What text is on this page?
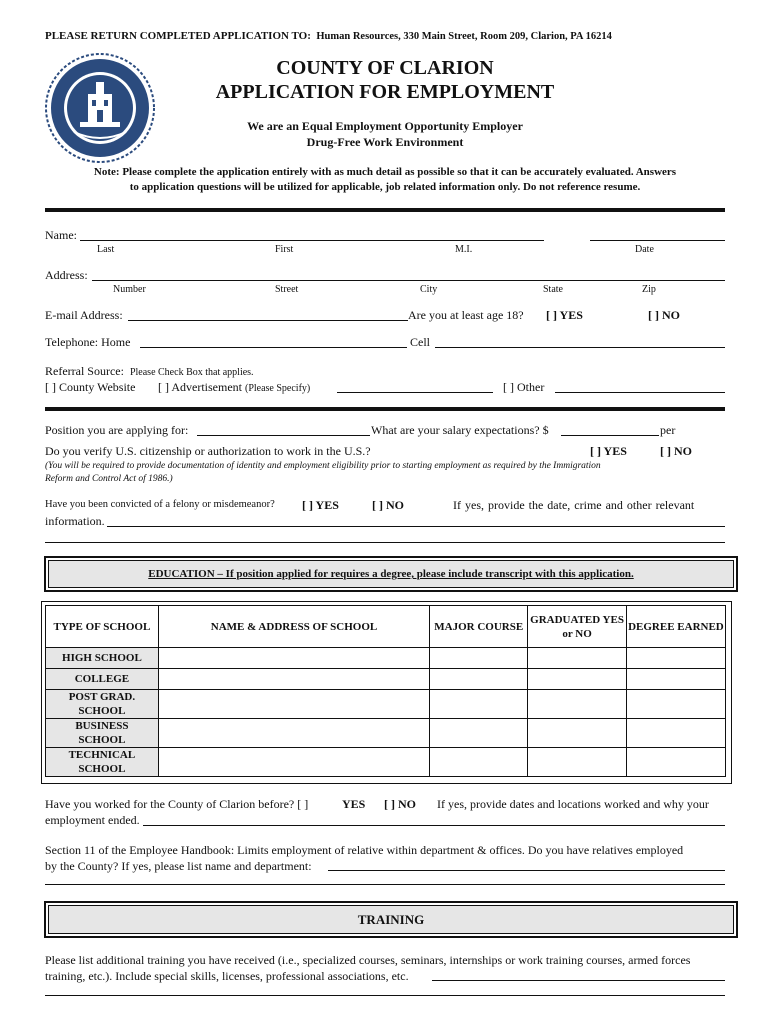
PLEASE RETURN COMPLETED APPLICATION TO: Human Resources, 330 Main Street, Room 209, Clarion, PA 16214
COUNTY OF CLARION
APPLICATION FOR EMPLOYMENT
We are an Equal Employment Opportunity Employer
Drug-Free Work Environment
Note: Please complete the application entirely with as much detail as possible so that it can be accurately evaluated. Answers
to application questions will be utilized for applicable, job related information only. Do not reference resume.
Name:
Last	First	M.I.	Date
Address:
Number	Street	City	State	Zip
E-mail Address:	Are you at least age 18? [ ] YES	[ ] NO
Telephone: Home	Cell
Referral Source: Please Check Box that applies.
[ ] County Website [ ] Advertisement (Please Specify)	[ ] Other
Position you are applying for:	What are your salary expectations? $	per
Do you verify U.S. citizenship or authorization to work in the U.S.?	[ ] YES	[ ] NO
(You will be required to provide documentation of identity and employment eligibility prior to starting employment as required by the Immigration
Reform and Control Act of 1986.)
Have you been convicted of a felony or misdemeanor? [ ] YES	[ ] NO	If yes, provide the date, crime and other relevant
information.
EDUCATION – If position applied for requires a degree, please include transcript with this application.
TYPE OF SCHOOL	NAME & ADDRESS OF SCHOOL	MAJOR COURSE	GRADUATED YES or NO	DEGREE EARNED
HIGH SCHOOL				
COLLEGE				
POST GRAD. SCHOOL				
BUSINESS SCHOOL				
TECHNICAL SCHOOL				
Have you worked for the County of Clarion before? [ ]	YES [ ] NO If yes, provide dates and locations worked and why your
employment ended.
Section 11 of the Employee Handbook: Limits employment of relative within department & offices. Do you have relatives employed
by the County? If yes, please list name and department:
TRAINING
Please list additional training you have received (i.e., specialized courses, seminars, internships or work training courses, armed forces
training, etc.). Include special skills, licenses, professional associations, etc.
